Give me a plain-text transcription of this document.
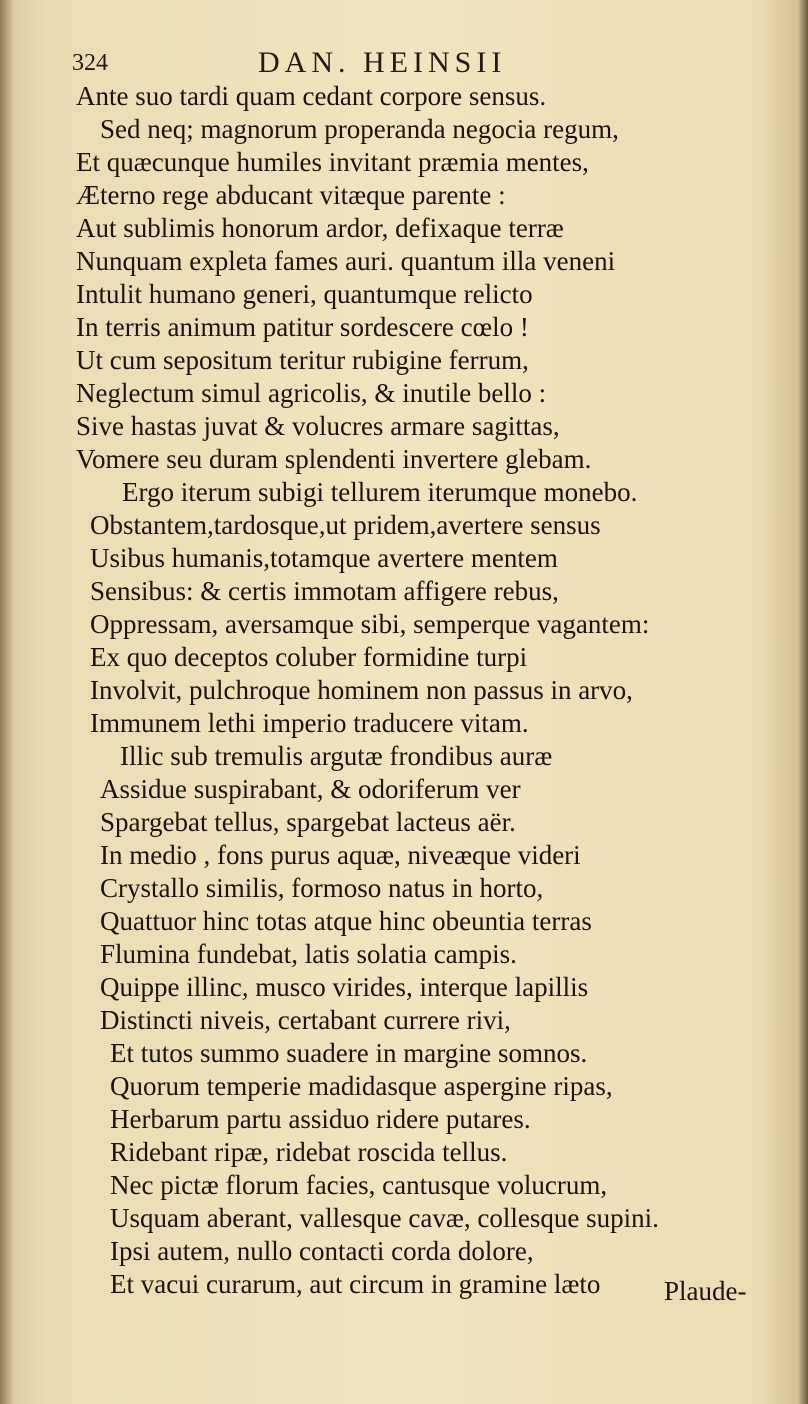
324	DAN. HEINSII
Ante suo tardi quam cedant corpore sensus.
Sed neq; magnorum properanda negocia regum,
Et quæcunque humiles invitant præmia mentes,
Æterno rege abducant vitæque parente :
Aut sublimis honorum ardor, defixaque terræ
Nunquam expleta fames auri. quantum illa veneni
Intulit humano generi, quantumque relicto
In terris animum patitur sordescere cœlo !
Ut cum sepositum teritur rubigine ferrum,
Neglectum simul agricolis, & inutile bello :
Sive hastas juvat & volucres armare sagittas,
Vomere seu duram splendenti invertere glebam.
Ergo iterum subigi tellurem iterumque monebo.
Obstantem,tardosque,ut pridem,avertere sensus
Usibus humanis,totamque avertere mentem
Sensibus: & certis immotam affigere rebus,
Oppressam, aversamque sibi, semperque vagantem:
Ex quo deceptos coluber formidine turpi
Involvit, pulchroque hominem non passus in arvo,
Immunem lethi imperio traducere vitam.
Illic sub tremulis argutæ frondibus auræ
Assidue suspirabant, & odoriferum ver
Spargebat tellus, spargebat lacteus aër.
In medio , fons purus aquæ, niveæque videri
Crystallo similis, formoso natus in horto,
Quattuor hinc totas atque hinc obeuntia terras
Flumina fundebat, latis solatia campis.
Quippe illinc, musco virides, interque lapillis
Distincti niveis, certabant currere rivi,
Et tutos summo suadere in margine somnos.
Quorum temperie madidasque aspergine ripas,
Herbarum partu assiduo ridere putares.
Ridebant ripæ, ridebat roscida tellus.
Nec pictæ florum facies, cantusque volucrum,
Usquam aberant, vallesque cavæ, collesque supini.
Ipsi autem, nullo contacti corda dolore,
Et vacui curarum, aut circum in gramine læto Plaude-
